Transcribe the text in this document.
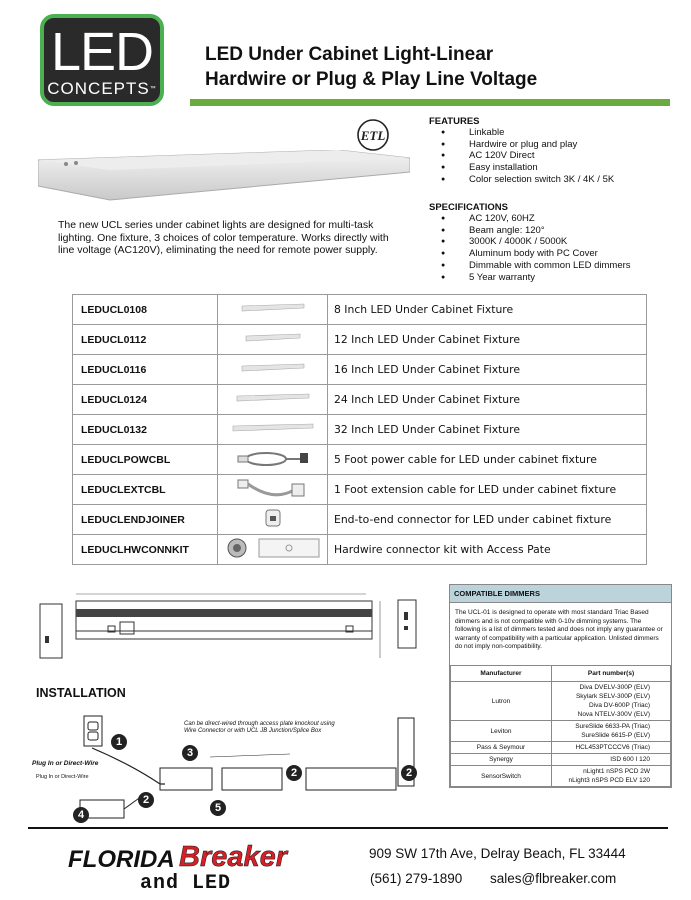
LED
CONCEPTS™
LED Under Cabinet Light-Linear
Hardwire or Plug & Play Line Voltage
ETL
FEATURES
● Linkable
● Hardwire or plug and play
● AC 120V Direct
● Easy installation
● Color selection switch 3K / 4K / 5K
SPECIFICATIONS
● AC 120V, 60HZ
● Beam angle: 120°
● 3000K / 4000K / 5000K
● Aluminum body with PC Cover
● Dimmable with common LED dimmers
● 5 Year warranty
The new UCL series under cabinet lights are designed for multi-task lighting. One fixture, 3 choices of color temperature. Works directly with line voltage (AC120V), eliminating the need for remote power supply.
LEDUCL0108		8 Inch LED Under Cabinet Fixture
LEDUCL0112		12 Inch LED Under Cabinet Fixture
LEDUCL0116		16 Inch LED Under Cabinet Fixture
LEDUCL0124		24 Inch LED Under Cabinet Fixture
LEDUCL0132		32 Inch LED Under Cabinet Fixture
LEDUCLPOWCBL		5 Foot power cable for LED under cabinet fixture
LEDUCLEXTCBL		1 Foot extension cable for LED under cabinet fixture
LEDUCLENDJOINER		End-to-end connector for LED under cabinet fixture
LEDUCLHWCONNKIT		Hardwire connector kit with Access Pate
COMPATIBLE DIMMERS
The UCL-01 is designed to operate with most standard Triac Based dimmers and is not compatible with 0-10v dimming systems. The following is a list of dimmers tested and does not imply any guarantee or warranty of compatibility with a particular application. Unlisted dimmers do not imply non-compatibility.
Manufacturer	Part number(s)
Lutron	Diva DVELV-300P (ELV)
Skylark SELV-300P (ELV)
Diva DV-600P (Triac)
Nova NTELV-300V (ELV)

Leviton	SureSlide 6633-PA (Triac)
SureSlide 6615-P (ELV)

Pass & Seymour	HCL453PTCCCV6 (Triac)

Synergy	ISD 600 I 120

SensorSwitch	nLight1 nSPS PCD 2W
nLight3 nSPS PCD ELV 120
INSTALLATION
Can be direct-wired through access plate knockout using Wire Connector or with UCL JB Junction/Splice Box
Plug In or Direct-Wire
Plug In or Direct-Wire
1
2
2	2
3
4
5
FLORIDA Breaker
and LED
909 SW 17th Ave, Delray Beach, FL 33444
(561) 279-1890 sales@flbreaker.com
